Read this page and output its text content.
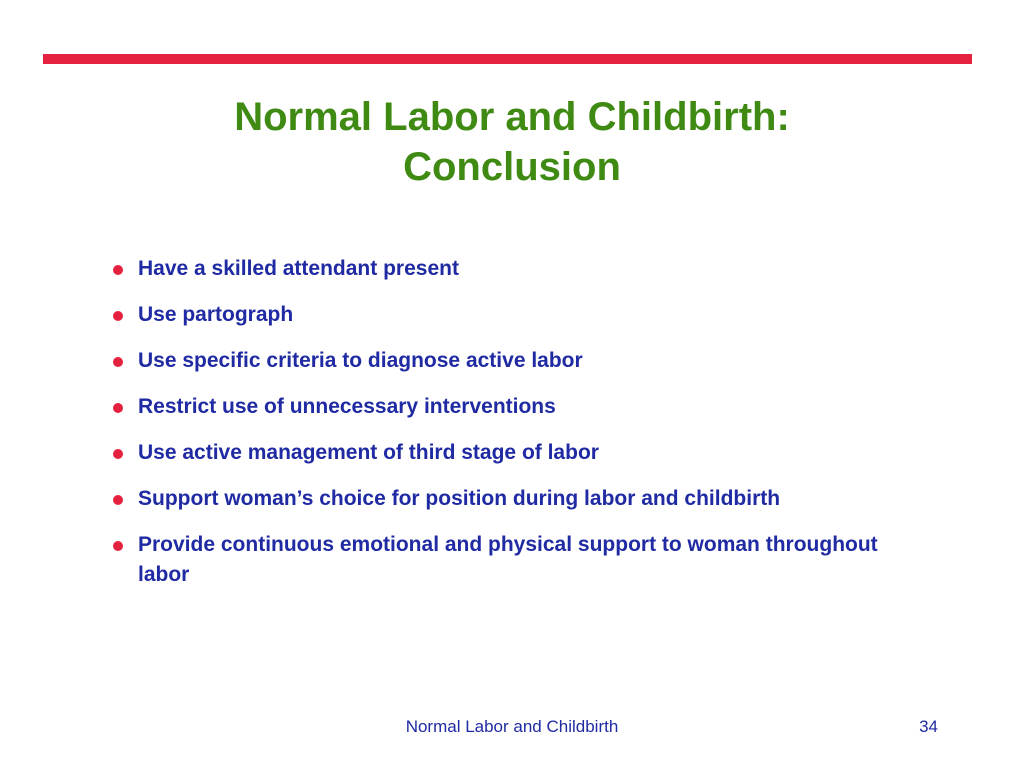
Normal Labor and Childbirth:
Conclusion
Have a skilled attendant present
Use partograph
Use specific criteria to diagnose active labor
Restrict use of unnecessary interventions
Use active management of third stage of labor
Support woman’s choice for position during labor and childbirth
Provide continuous emotional and physical support to woman throughout labor
Normal Labor and Childbirth	34
